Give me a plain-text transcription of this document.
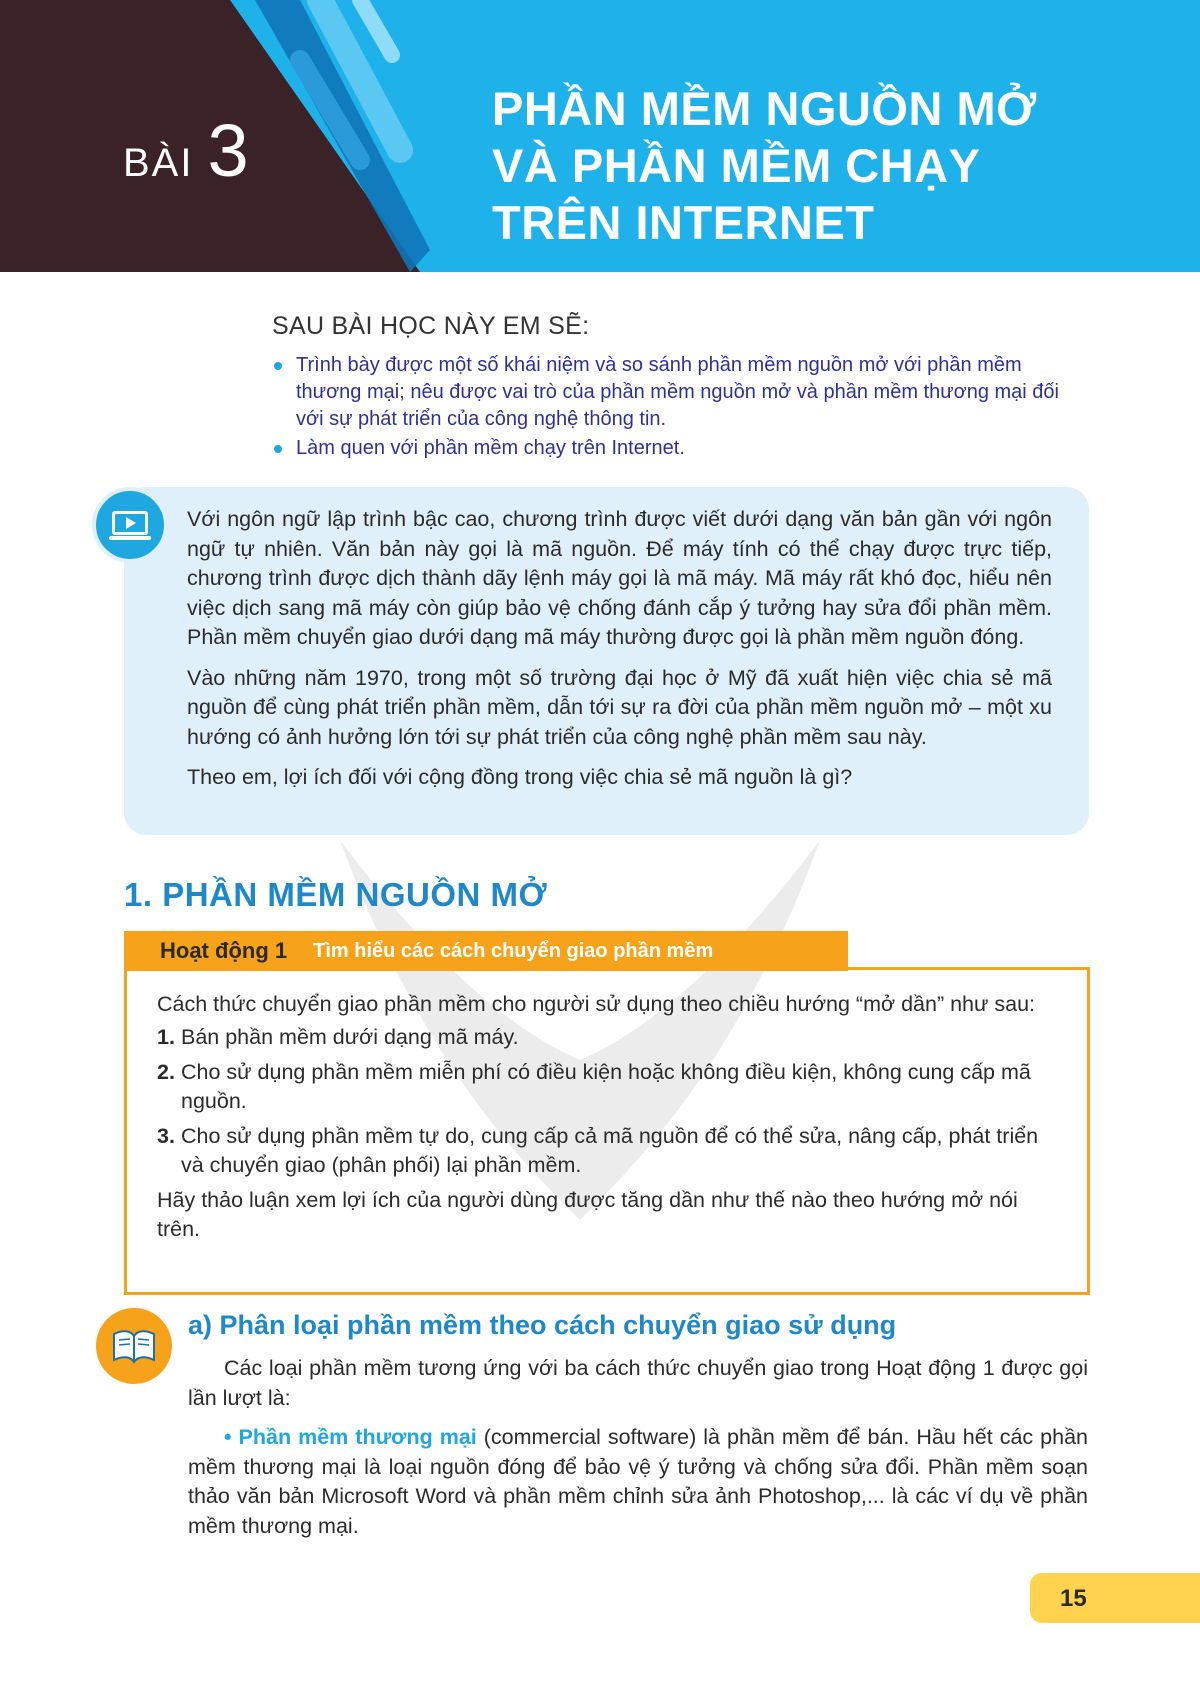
BÀI 3
PHẦN MỀM NGUỒN MỞ
VÀ PHẦN MỀM CHẠY
TRÊN INTERNET
SAU BÀI HỌC NÀY EM SẼ:
Trình bày được một số khái niệm và so sánh phần mềm nguồn mở với phần mềm thương mại; nêu được vai trò của phần mềm nguồn mở và phần mềm thương mại đối với sự phát triển của công nghệ thông tin.
Làm quen với phần mềm chạy trên Internet.

Với ngôn ngữ lập trình bậc cao, chương trình được viết dưới dạng văn bản gần với ngôn ngữ tự nhiên. Văn bản này gọi là mã nguồn. Để máy tính có thể chạy được trực tiếp, chương trình được dịch thành dãy lệnh máy gọi là mã máy. Mã máy rất khó đọc, hiểu nên việc dịch sang mã máy còn giúp bảo vệ chống đánh cắp ý tưởng hay sửa đổi phần mềm. Phần mềm chuyển giao dưới dạng mã máy thường được gọi là phần mềm nguồn đóng.

Vào những năm 1970, trong một số trường đại học ở Mỹ đã xuất hiện việc chia sẻ mã nguồn để cùng phát triển phần mềm, dẫn tới sự ra đời của phần mềm nguồn mở – một xu hướng có ảnh hưởng lớn tới sự phát triển của công nghệ phần mềm sau này.

Theo em, lợi ích đối với cộng đồng trong việc chia sẻ mã nguồn là gì?

1. PHẦN MỀM NGUỒN MỞ
Hoạt động 1 Tìm hiểu các cách chuyển giao phần mềm

Cách thức chuyển giao phần mềm cho người sử dụng theo chiều hướng “mở dần” như sau:

1. Bán phần mềm dưới dạng mã máy.
2. Cho sử dụng phần mềm miễn phí có điều kiện hoặc không điều kiện, không cung cấp mã nguồn.
3. Cho sử dụng phần mềm tự do, cung cấp cả mã nguồn để có thể sửa, nâng cấp, phát triển và chuyển giao (phân phối) lại phần mềm.

Hãy thảo luận xem lợi ích của người dùng được tăng dần như thế nào theo hướng mở nói trên.

a) Phân loại phần mềm theo cách chuyển giao sử dụng

Các loại phần mềm tương ứng với ba cách thức chuyển giao trong Hoạt động 1 được gọi lần lượt là:

• Phần mềm thương mại (commercial software) là phần mềm để bán. Hầu hết các phần mềm thương mại là loại nguồn đóng để bảo vệ ý tưởng và chống sửa đổi. Phần mềm soạn thảo văn bản Microsoft Word và phần mềm chỉnh sửa ảnh Photoshop,... là các ví dụ về phần mềm thương mại.

15
